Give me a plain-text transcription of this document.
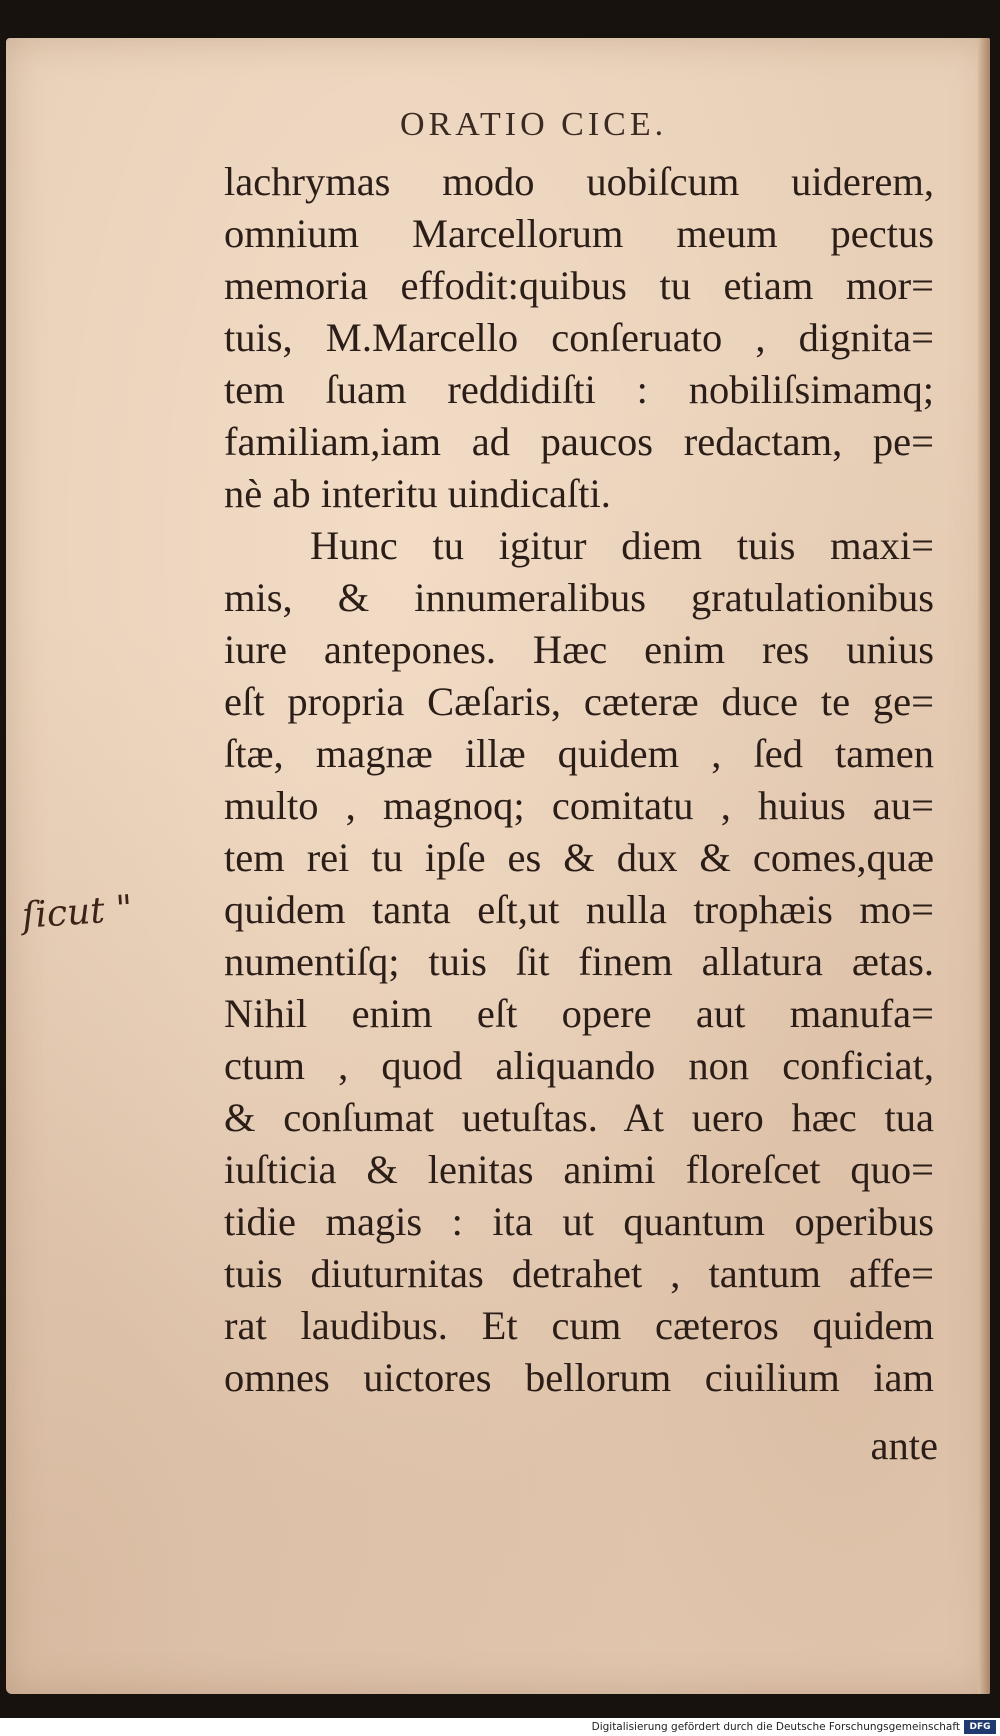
ORATIO CICE.
lachrymas modo uobiſcum uiderem,
omnium Marcellorum meum pectus
memoria effodit:quibus tu etiam mor=
tuis, M.Marcello conſeruato , dignita=
tem ſuam reddidiſti : nobiliſsimamq;
familiam,iam ad paucos redactam, pe=
nè ab interitu uindicaſti.
Hunc tu igitur diem tuis maxi=
mis, & innumeralibus gratulationibus
iure antepones. Hæc enim res unius
eſt propria Cæſaris, cæteræ duce te ge=
ſtæ, magnæ illæ quidem , ſed tamen
multo , magnoq; comitatu , huius au=
tem rei tu ipſe es & dux & comes,quæ
quidem tanta eſt,ut nulla trophæis mo=
numentiſq; tuis ſit finem allatura ætas.
Nihil enim eſt opere aut manufa=
ctum , quod aliquando non conficiat,
& conſumat uetuſtas. At uero hæc tua
iuſticia & lenitas animi floreſcet quo=
tidie magis : ita ut quantum operibus
tuis diuturnitas detrahet , tantum affe=
rat laudibus. Et cum cæteros quidem
omnes uictores bellorum ciuilium iam
ante
ſicut "
Digitalisierung gefördert durch die Deutsche Forschungsgemeinschaft	DFG
